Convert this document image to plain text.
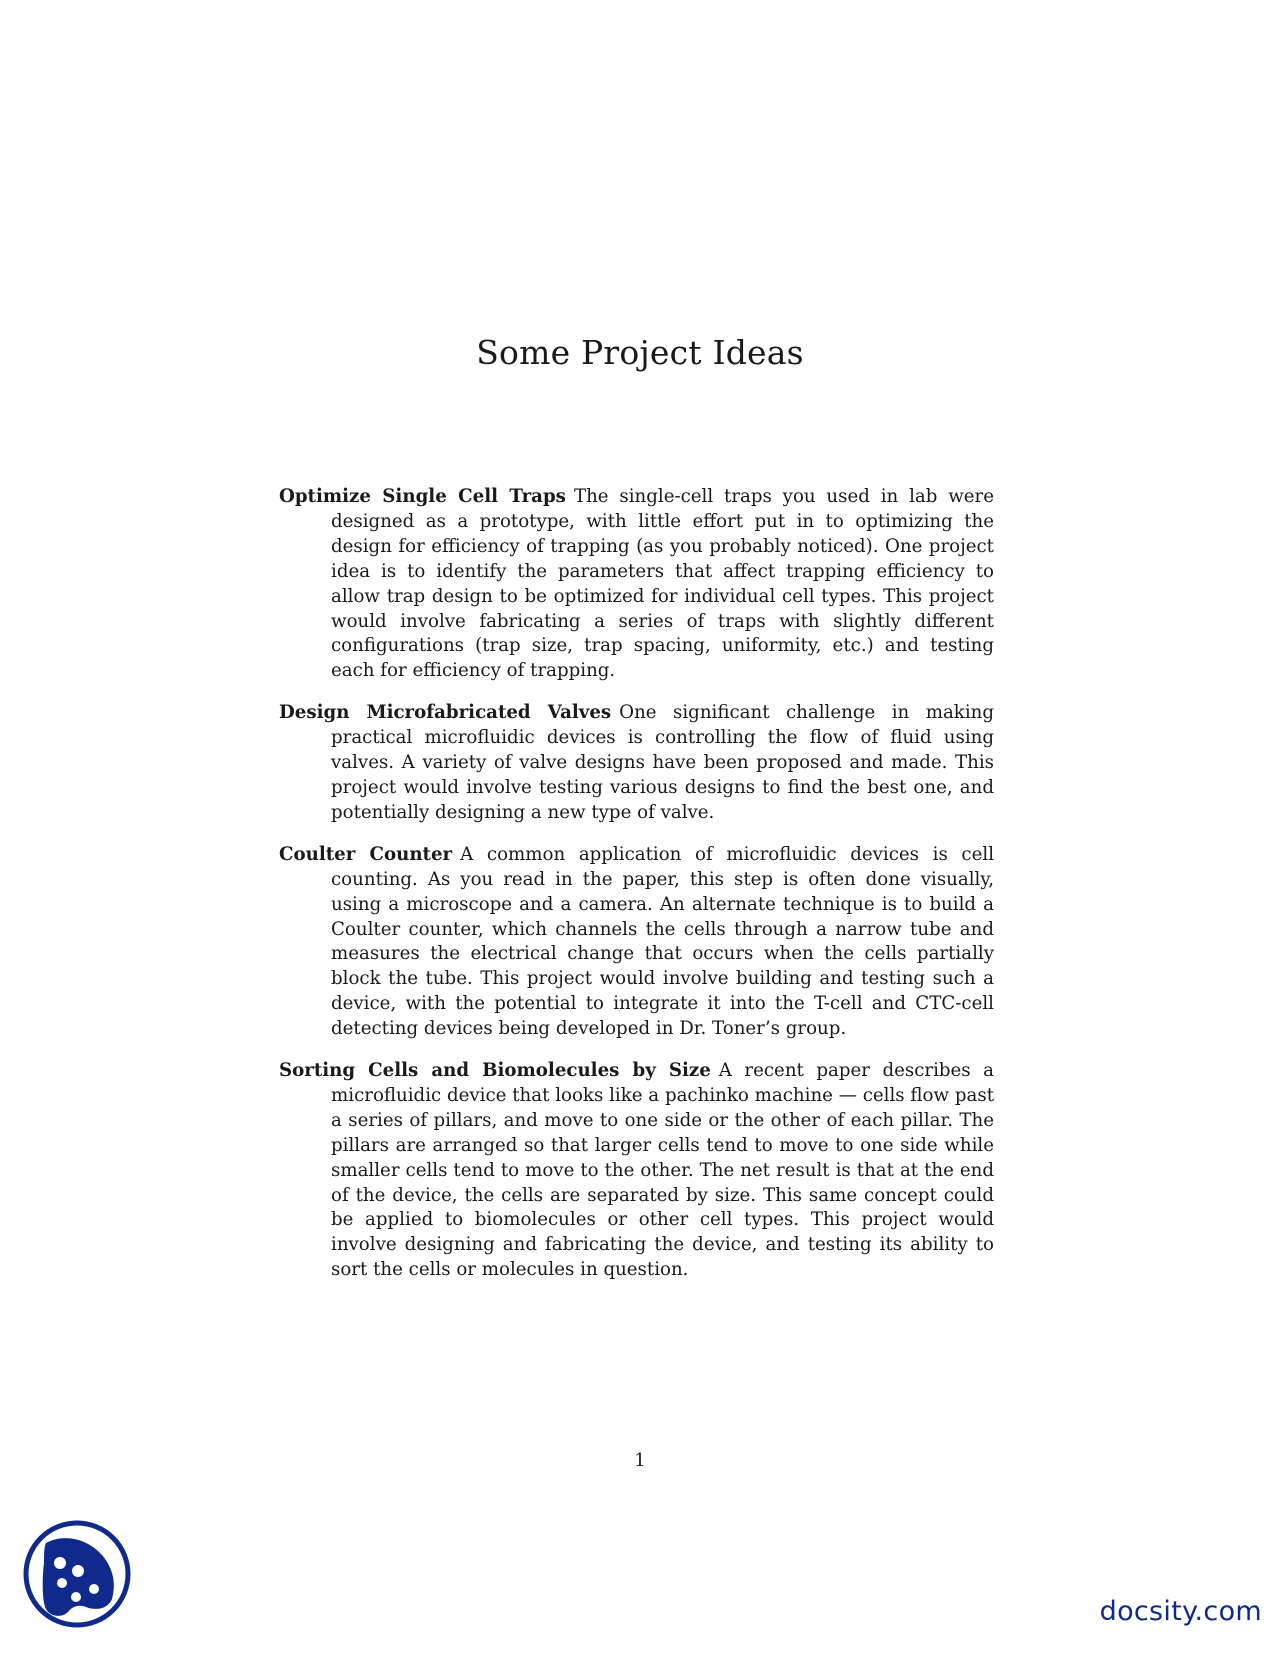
Some Project Ideas

Optimize Single Cell Traps The single-cell traps you used in lab were designed as a prototype, with little effort put in to optimizing the design for efficiency of trapping (as you probably noticed). One project idea is to identify the parameters that affect trapping efficiency to allow trap design to be optimized for individual cell types. This project would involve fabricating a series of traps with slightly different configurations (trap size, trap spacing, uniformity, etc.) and testing each for efficiency of trapping.

Design Microfabricated Valves One significant challenge in making practical microfluidic devices is controlling the flow of fluid using valves. A variety of valve designs have been proposed and made. This project would involve testing various designs to find the best one, and potentially designing a new type of valve.

Coulter Counter A common application of microfluidic devices is cell counting. As you read in the paper, this step is often done visually, using a microscope and a camera. An alternate technique is to build a Coulter counter, which channels the cells through a narrow tube and measures the electrical change that occurs when the cells partially block the tube. This project would involve building and testing such a device, with the potential to integrate it into the T-cell and CTC-cell detecting devices being developed in Dr. Toner’s group.

Sorting Cells and Biomolecules by Size A recent paper describes a microfluidic device that looks like a pachinko machine — cells flow past a series of pillars, and move to one side or the other of each pillar. The pillars are arranged so that larger cells tend to move to one side while smaller cells tend to move to the other. The net result is that at the end of the device, the cells are separated by size. This same concept could be applied to biomolecules or other cell types. This project would involve designing and fabricating the device, and testing its ability to sort the cells or molecules in question.

1
docsity.com
